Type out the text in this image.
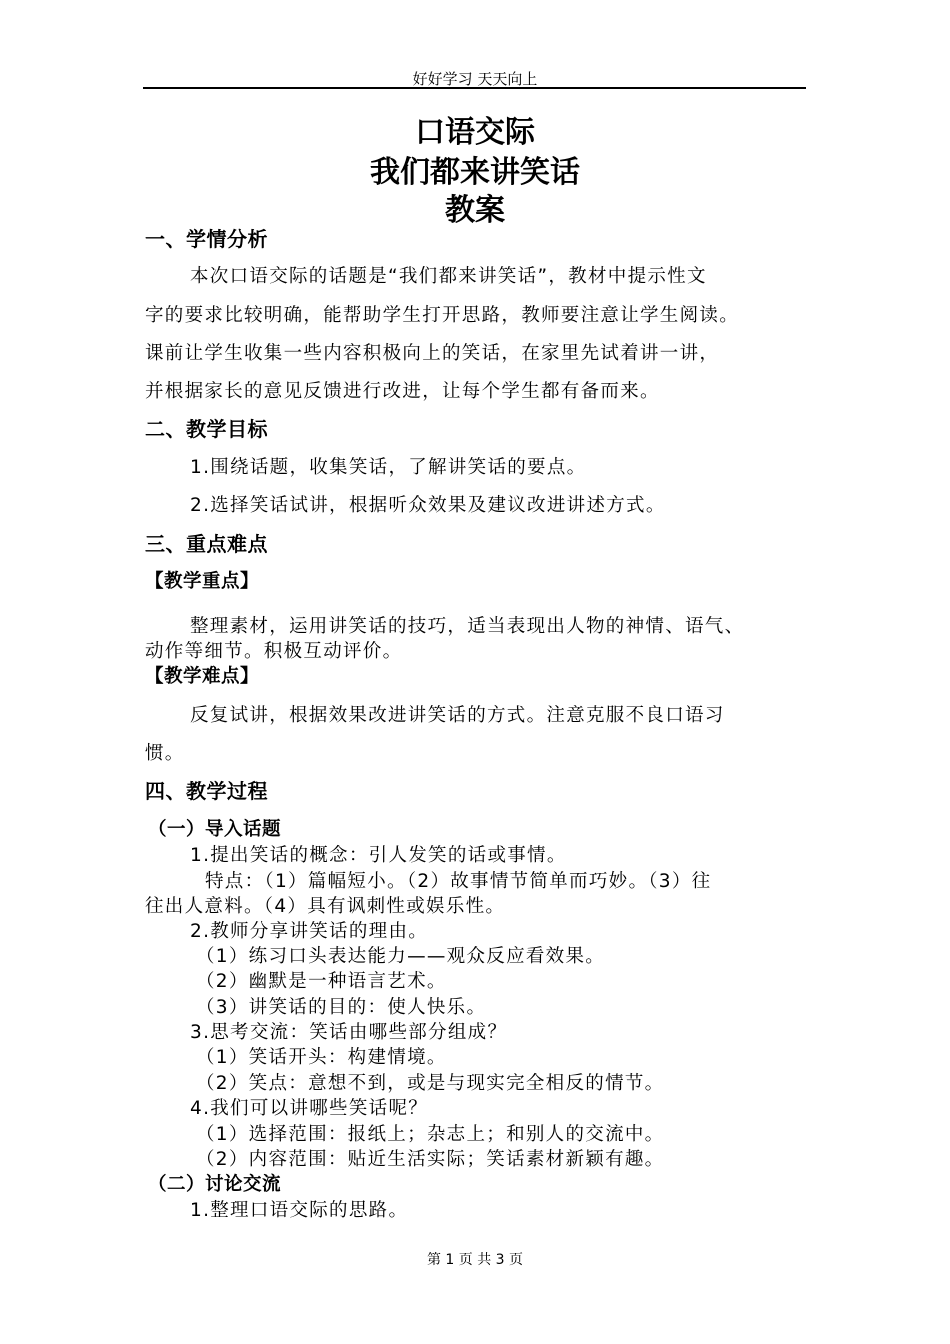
好好学习 天天向上
口语交际
我们都来讲笑话
教案
一、学情分析
本次口语交际的话题是“我们都来讲笑话”，教材中提示性文
字的要求比较明确，能帮助学生打开思路，教师要注意让学生阅读。
课前让学生收集一些内容积极向上的笑话，在家里先试着讲一讲，
并根据家长的意见反馈进行改进，让每个学生都有备而来。
二、教学目标
1.围绕话题，收集笑话，了解讲笑话的要点。
2.选择笑话试讲，根据听众效果及建议改进讲述方式。
三、重点难点
【教学重点】
整理素材，运用讲笑话的技巧，适当表现出人物的神情、语气、
动作等细节。积极互动评价。
【教学难点】
反复试讲，根据效果改进讲笑话的方式。注意克服不良口语习
惯。
四、教学过程
（一）导入话题
1.提出笑话的概念：引人发笑的话或事情。
特点：（1）篇幅短小。（2）故事情节简单而巧妙。（3）往
往出人意料。（4）具有讽刺性或娱乐性。
2.教师分享讲笑话的理由。
（1）练习口头表达能力——观众反应看效果。
（2）幽默是一种语言艺术。
（3）讲笑话的目的：使人快乐。
3.思考交流：笑话由哪些部分组成？
（1）笑话开头：构建情境。
（2）笑点：意想不到，或是与现实完全相反的情节。
4.我们可以讲哪些笑话呢？
（1）选择范围：报纸上；杂志上；和别人的交流中。
（2）内容范围：贴近生活实际；笑话素材新颖有趣。
（二）讨论交流
1.整理口语交际的思路。
第 1 页 共 3 页
